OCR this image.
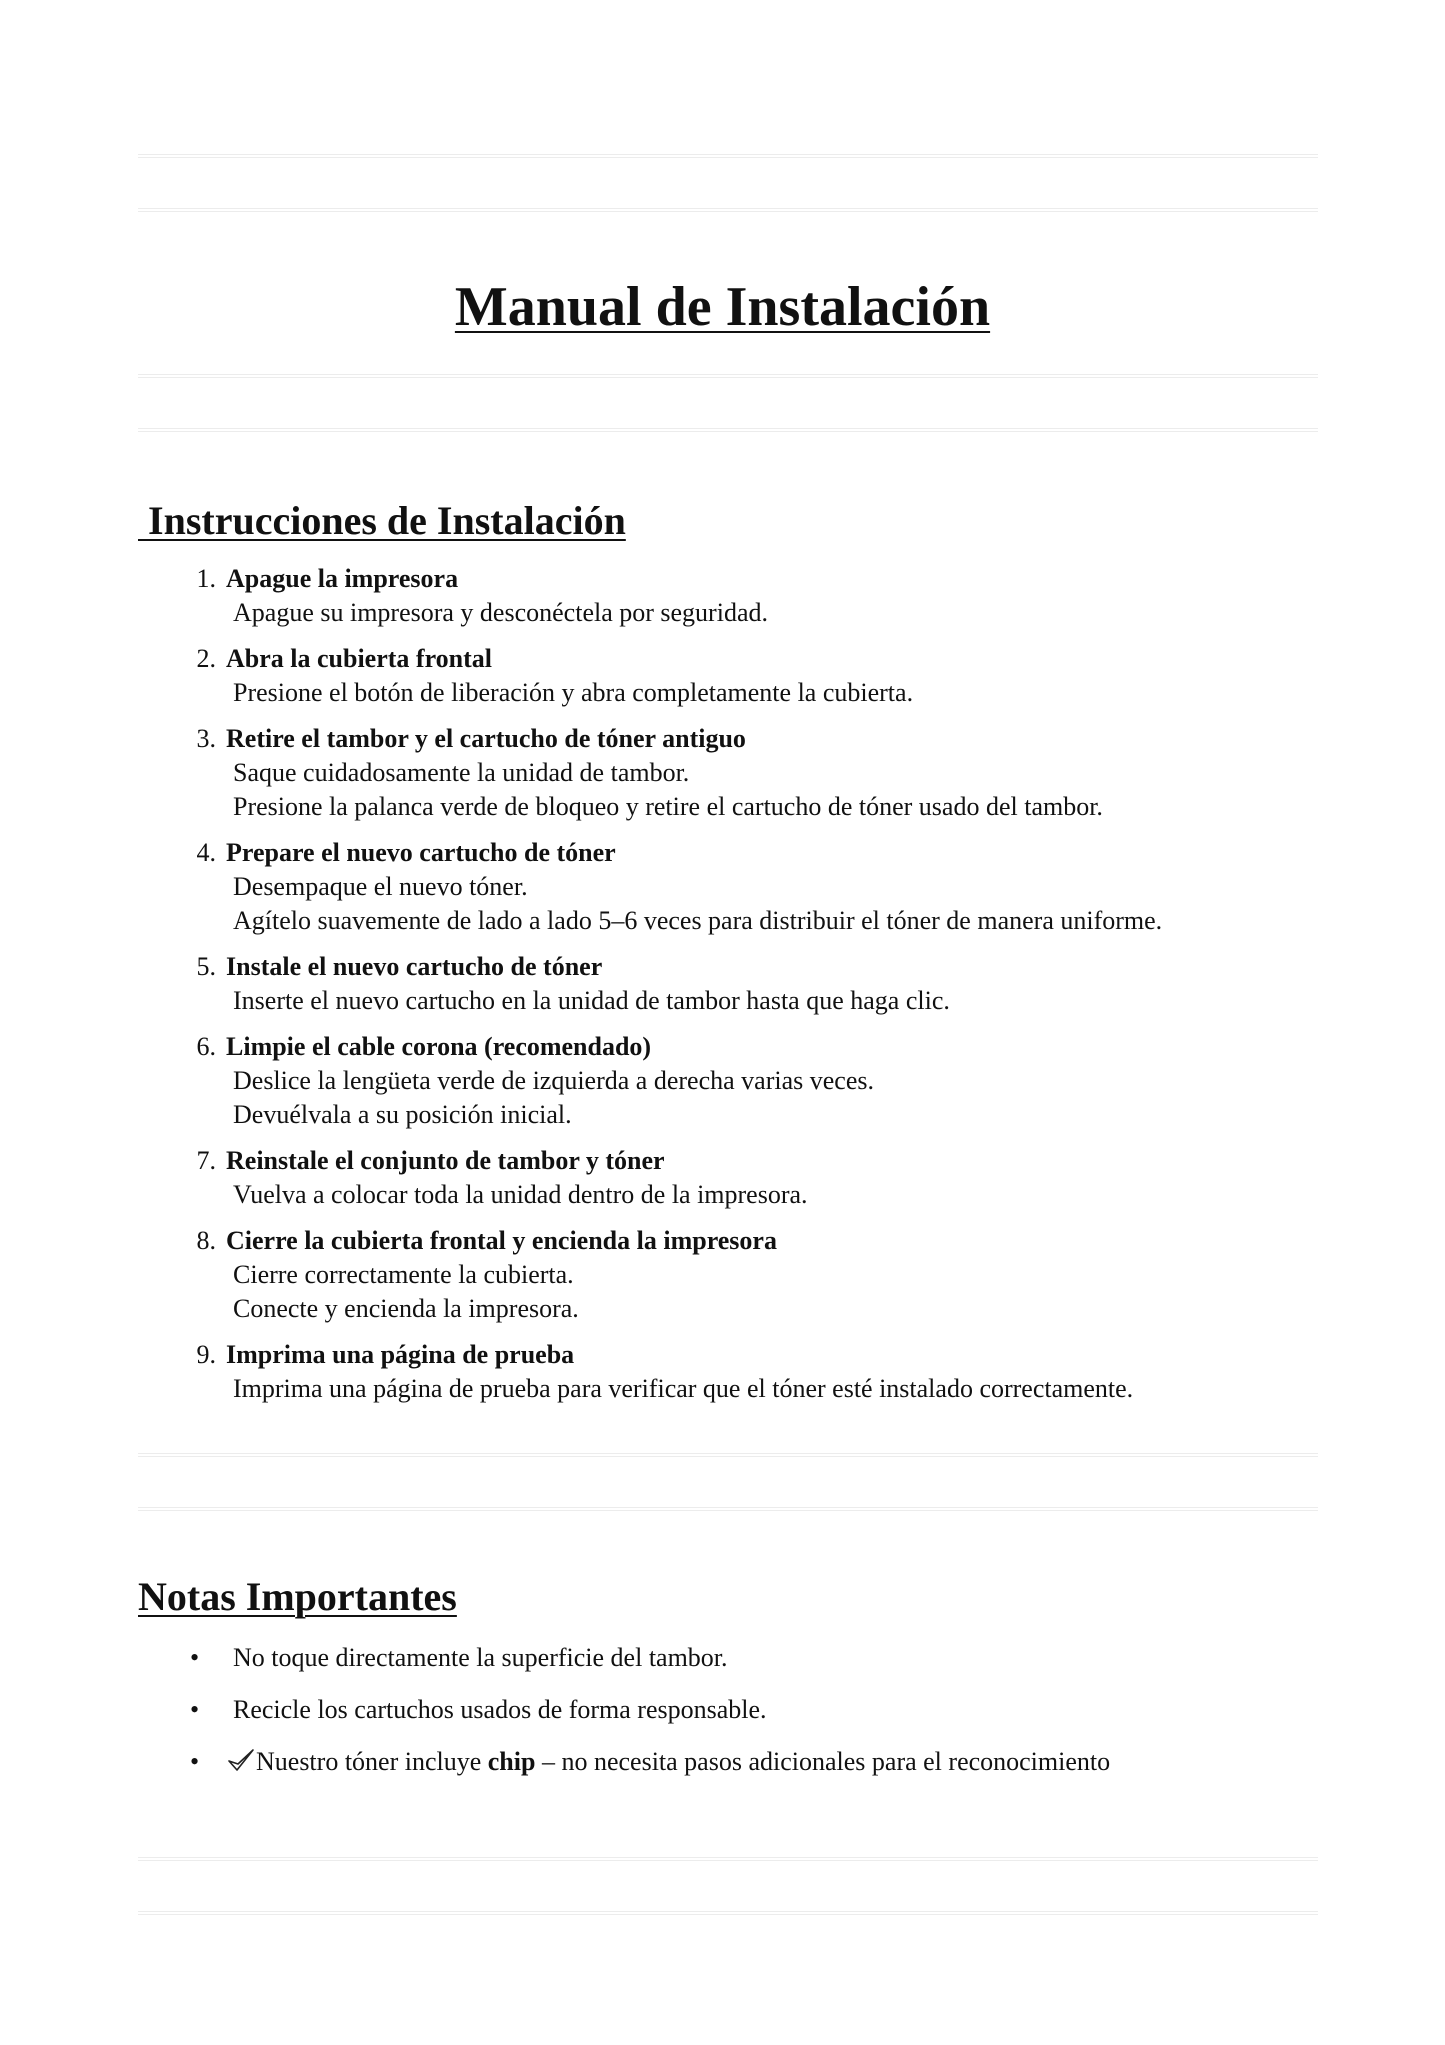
Manual de Instalación
Instrucciones de Instalación
1. Apague la impresora
Apague su impresora y desconéctela por seguridad.
2. Abra la cubierta frontal
Presione el botón de liberación y abra completamente la cubierta.
3. Retire el tambor y el cartucho de tóner antiguo
Saque cuidadosamente la unidad de tambor.
Presione la palanca verde de bloqueo y retire el cartucho de tóner usado del tambor.
4. Prepare el nuevo cartucho de tóner
Desempaque el nuevo tóner.
Agítelo suavemente de lado a lado 5–6 veces para distribuir el tóner de manera uniforme.
5. Instale el nuevo cartucho de tóner
Inserte el nuevo cartucho en la unidad de tambor hasta que haga clic.
6. Limpie el cable corona (recomendado)
Deslice la lengüeta verde de izquierda a derecha varias veces.
Devuélvala a su posición inicial.
7. Reinstale el conjunto de tambor y tóner
Vuelva a colocar toda la unidad dentro de la impresora.
8. Cierre la cubierta frontal y encienda la impresora
Cierre correctamente la cubierta.
Conecte y encienda la impresora.
9. Imprima una página de prueba
Imprima una página de prueba para verificar que el tóner esté instalado correctamente.
Notas Importantes
• No toque directamente la superficie del tambor.
• Recicle los cartuchos usados de forma responsable.
•	Nuestro tóner incluye chip – no necesita pasos adicionales para el reconocimiento
